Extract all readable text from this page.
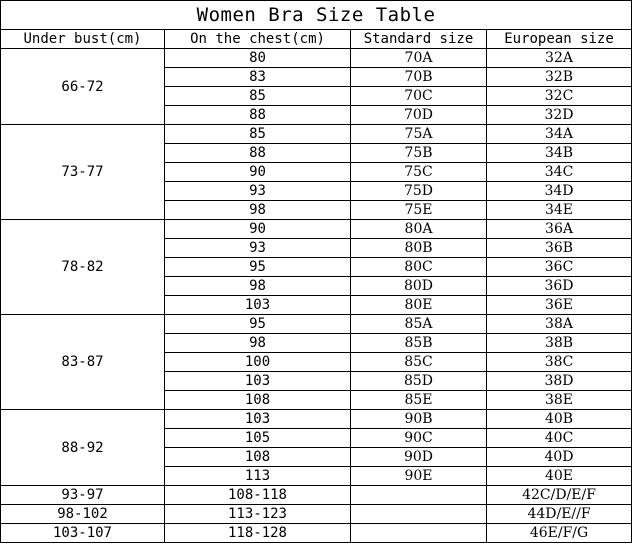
Women Bra Size Table			
Under bust(cm)	On the chest(cm)	Standard size	European size
66-72	80	70A	32A
	83	70B	32B
	85	70C	32C
	88	70D	32D
73-77	85	75A	34A
	88	75B	34B
	90	75C	34C
	93	75D	34D
	98	75E	34E
78-82	90	80A	36A
	93	80B	36B
	95	80C	36C
	98	80D	36D
	103	80E	36E
83-87	95	85A	38A
	98	85B	38B
	100	85C	38C
	103	85D	38D
	108	85E	38E
88-92	103	90B	40B
	105	90C	40C
	108	90D	40D
	113	90E	40E
93-97	108-118		42C/D/E/F
98-102	113-123		44D/E//F
103-107	118-128		46E/F/G
